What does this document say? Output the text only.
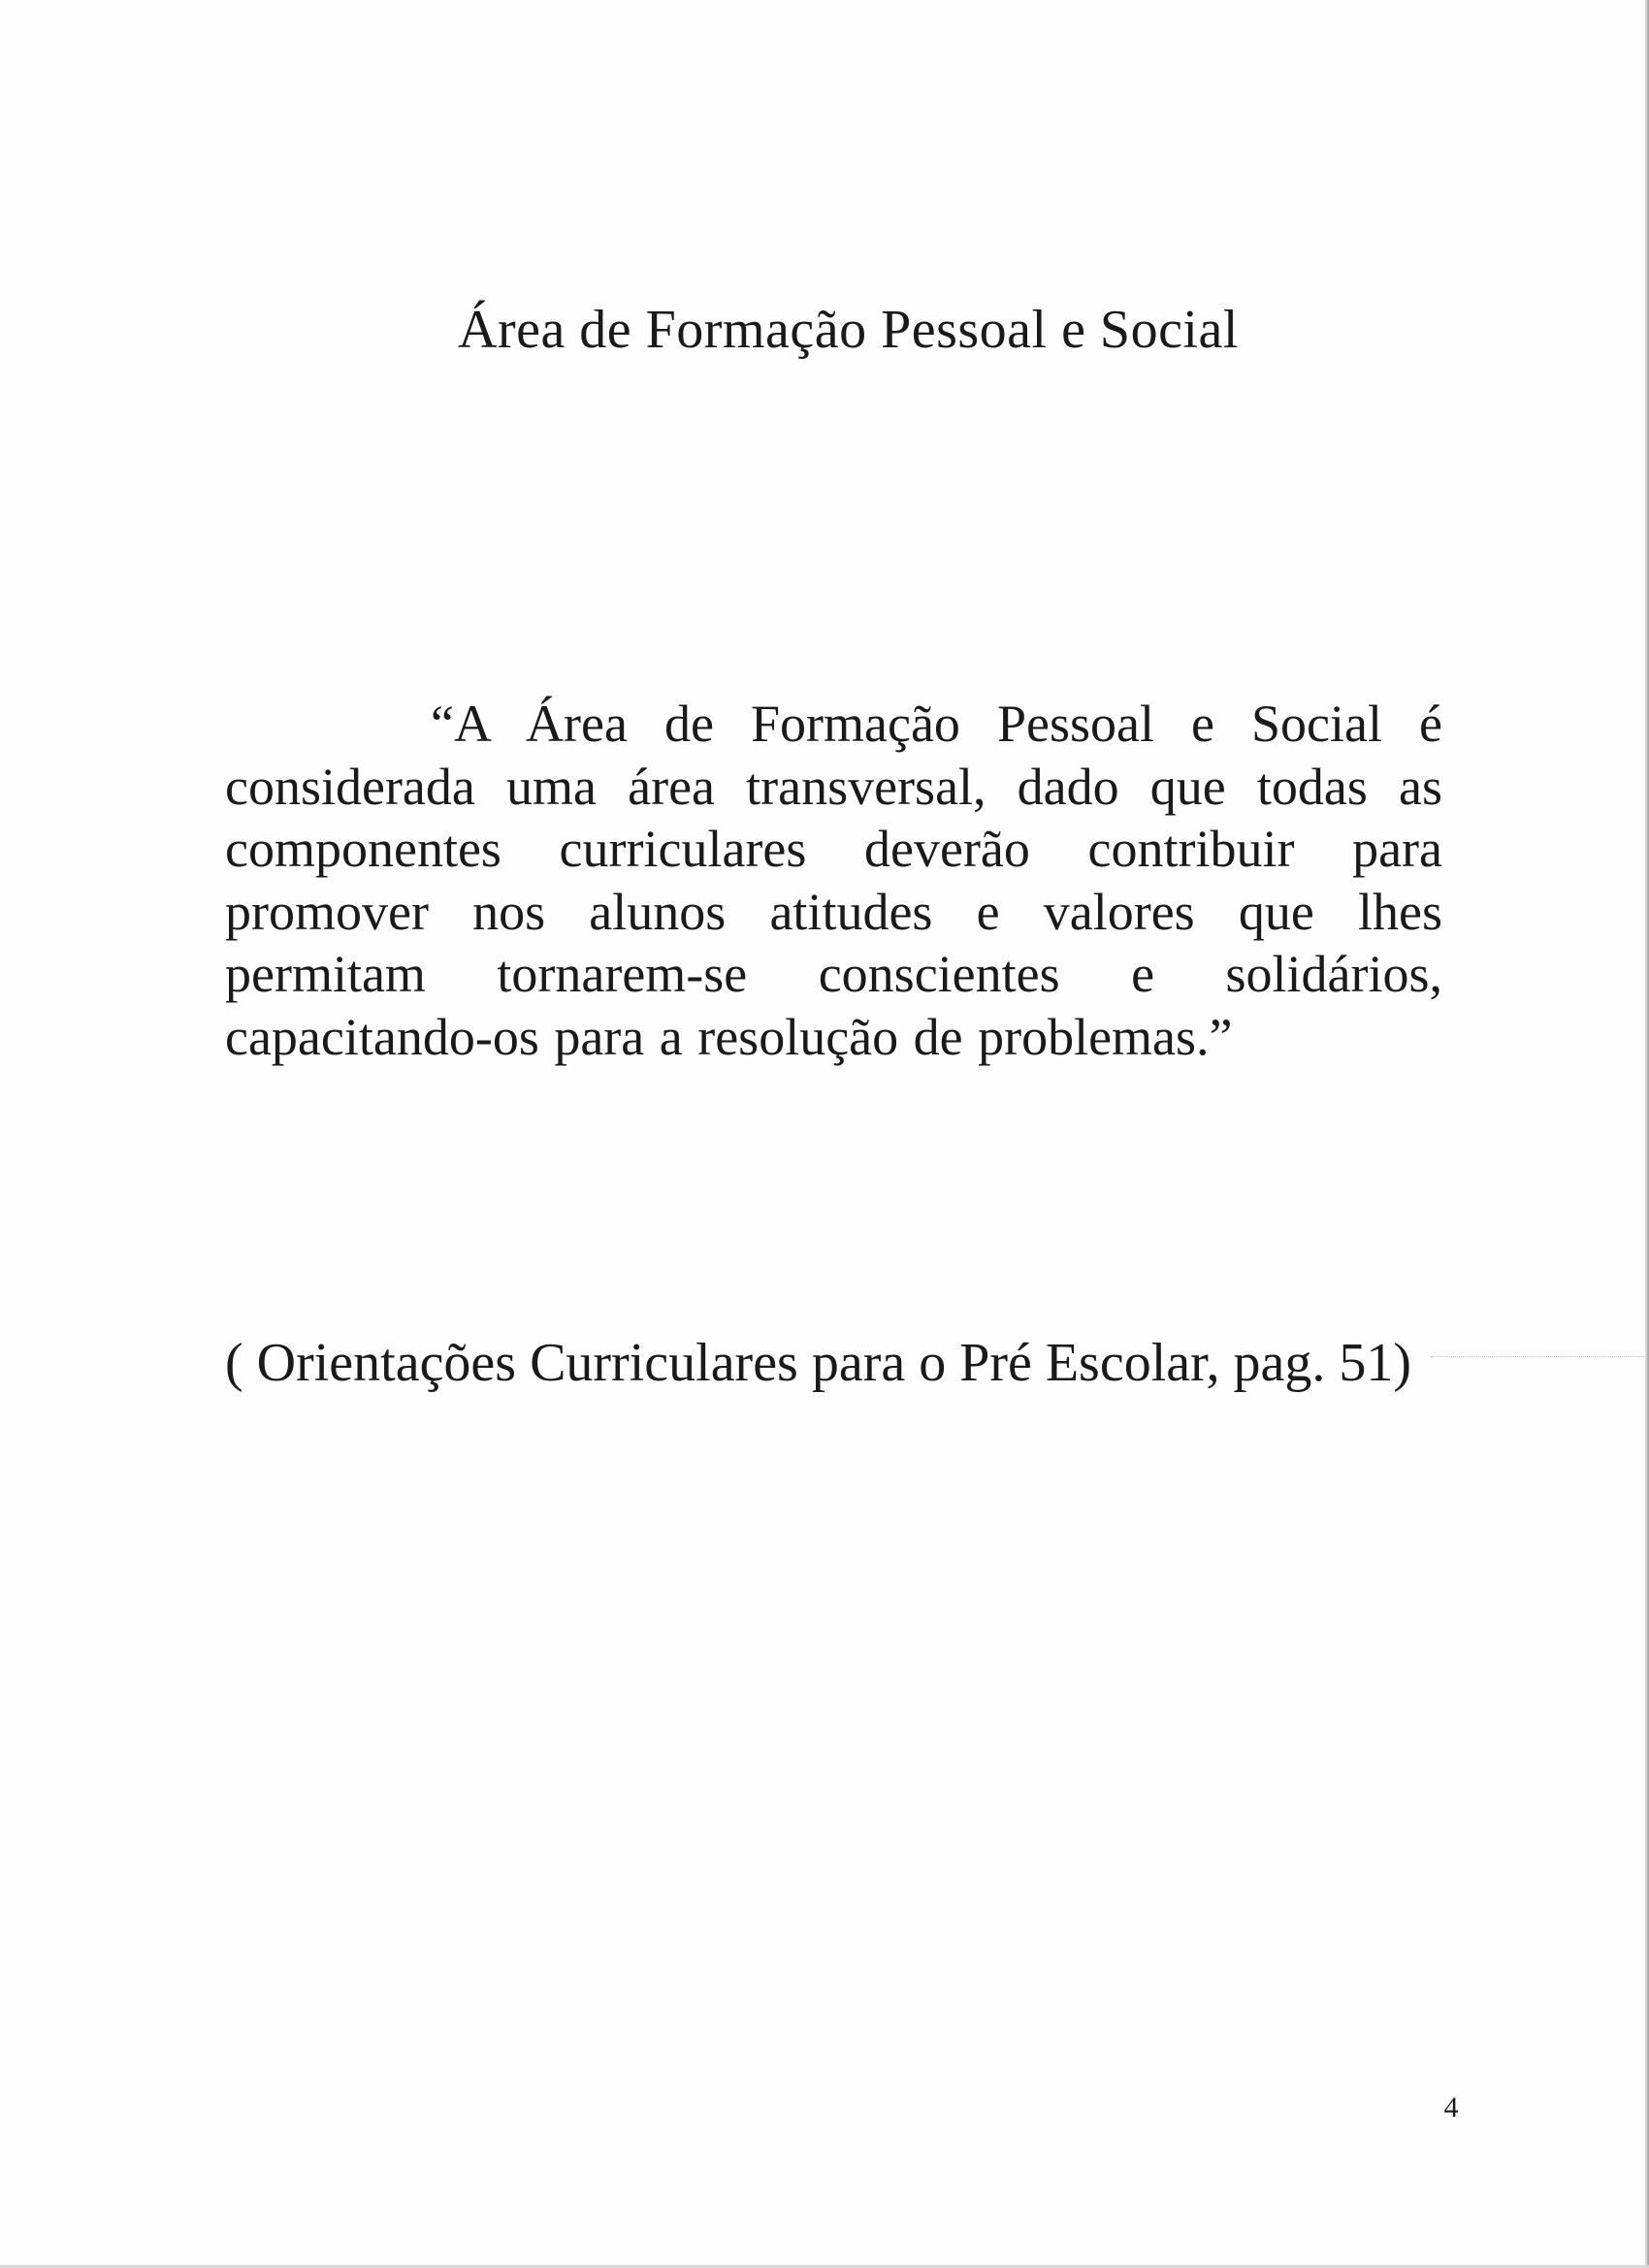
Área de Formação Pessoal e Social

“A Área de Formação Pessoal e Social é considerada uma área transversal, dado que todas as componentes curriculares deverão contribuir para promover nos alunos atitudes e valores que lhes permitam tornarem-se conscientes e solidários, capacitando-os para a resolução de problemas.”

( Orientações Curriculares para o Pré Escolar, pag. 51)
4
